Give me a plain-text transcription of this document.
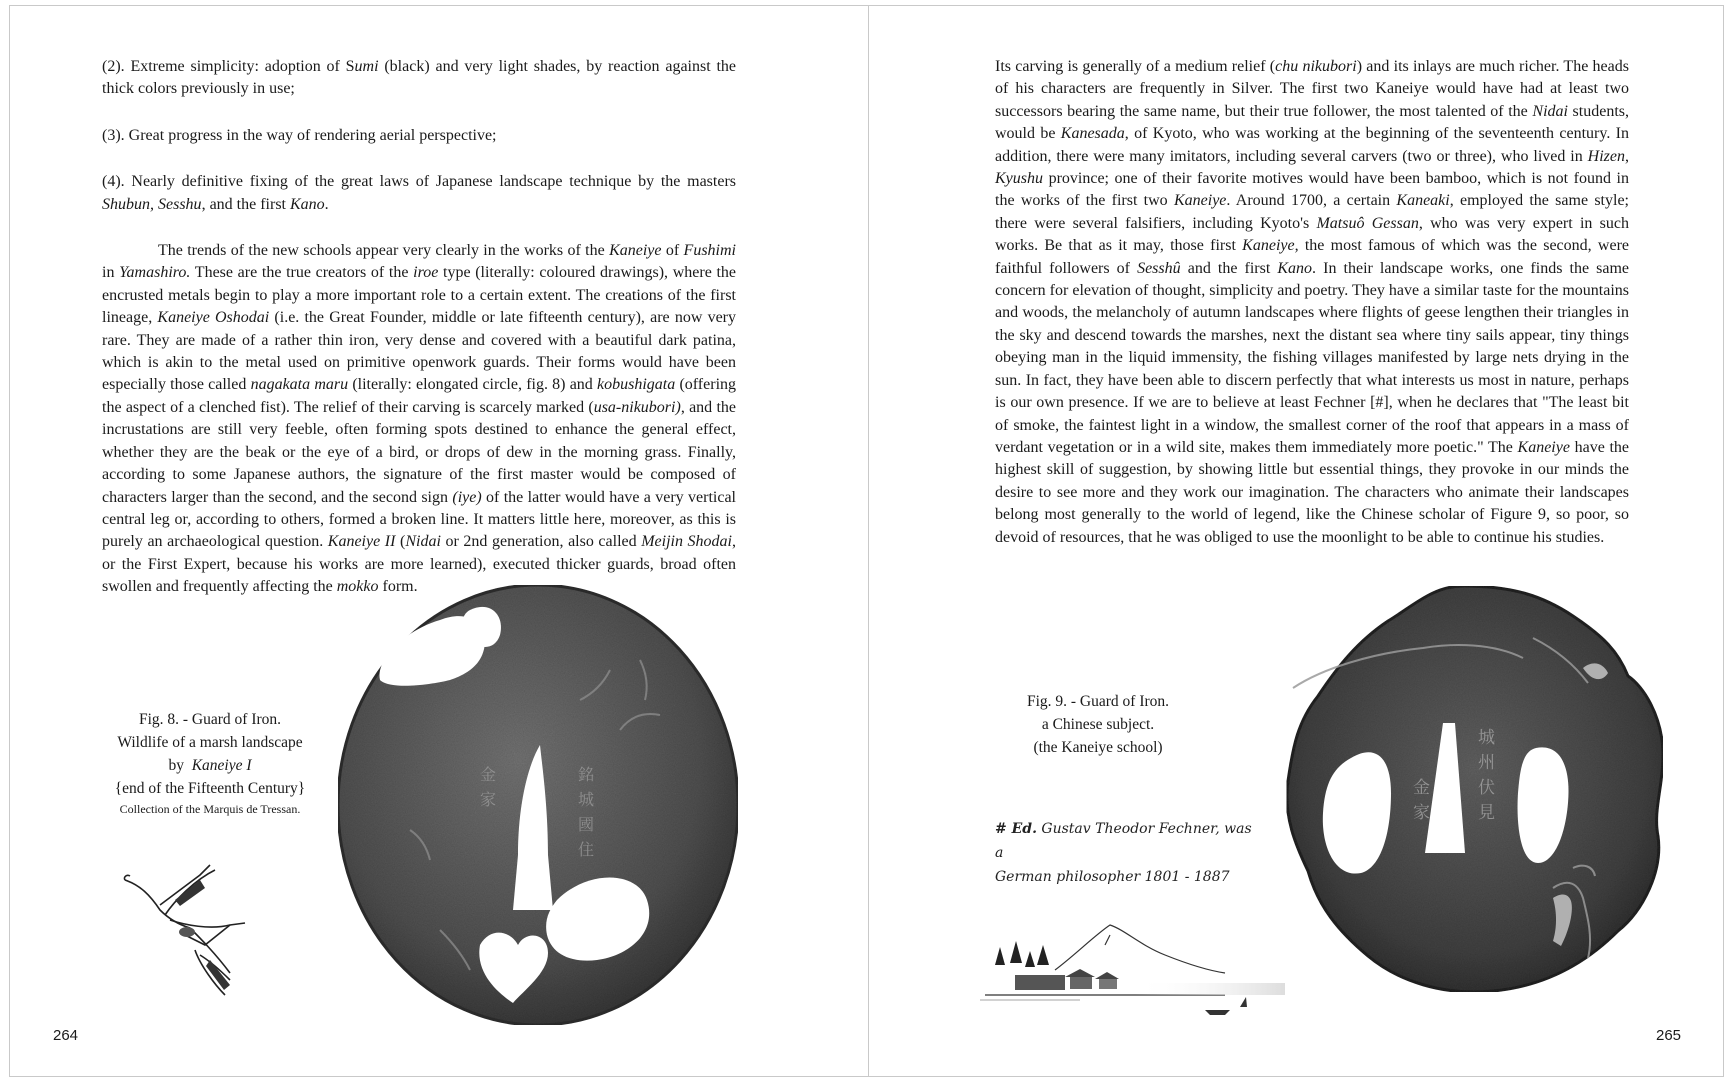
(2). Extreme simplicity: adoption of Sumi (black) and very light shades, by reaction against the thick colors previously in use;

(3). Great progress in the way of rendering aerial perspective;

(4). Nearly definitive fixing of the great laws of Japanese landscape technique by the masters Shubun, Sesshu, and the first Kano.

The trends of the new schools appear very clearly in the works of the Kaneiye of Fushimi in Yamashiro. These are the true creators of the iroe type (literally: coloured drawings), where the encrusted metals begin to play a more important role to a certain extent. The creations of the first lineage, Kaneiye Oshodai (i.e. the Great Founder, middle or late fifteenth century), are now very rare. They are made of a rather thin iron, very dense and covered with a beautiful dark patina, which is akin to the metal used on primitive openwork guards. Their forms would have been especially those called nagakata maru (literally: elongated circle, fig. 8) and kobushigata (offering the aspect of a clenched fist). The relief of their carving is scarcely marked (usa-nikubori), and the incrustations are still very feeble, often forming spots destined to enhance the general effect, whether they are the beak or the eye of a bird, or drops of dew in the morning grass. Finally, according to some Japanese authors, the signature of the first master would be composed of characters larger than the second, and the second sign (iye) of the latter would have a very vertical central leg or, according to others, formed a broken line. It matters little here, moreover, as this is purely an archaeological question. Kaneiye II (Nidai or 2nd generation, also called Meijin Shodai, or the First Expert, because his works are more learned), executed thicker guards, broad often swollen and frequently affecting the mokko form.

銘
城
國
住
金
家
Fig. 8. - Guard of Iron.
Wildlife of a marsh landscape
by  Kaneiye I
{end of the Fifteenth Century}
Collection of the Marquis de Tressan.
264

Its carving is generally of a medium relief (chu nikubori) and its inlays are much richer. The heads of his characters are frequently in Silver. The first two Kaneiye would have had at least two successors bearing the same name, but their true follower, the most talented of the Nidai students, would be Kanesada, of Kyoto, who was working at the beginning of the seventeenth century. In addition, there were many imitators, including several carvers (two or three), who lived in Hizen, Kyushu province; one of their favorite motives would have been bamboo, which is not found in the works of the first two Kaneiye. Around 1700, a certain Kaneaki, employed the same style; there were several falsifiers, including Kyoto's Matsuô Gessan, who was very expert in such works. Be that as it may, those first Kaneiye, the most famous of which was the second, were faithful followers of Sesshû and the first Kano. In their landscape works, one finds the same concern for elevation of thought, simplicity and poetry. They have a similar taste for the mountains and woods, the melancholy of autumn landscapes where flights of geese lengthen their triangles in the sky and descend towards the marshes, next the distant sea where tiny sails appear, tiny things obeying man in the liquid immensity, the fishing villages manifested by large nets drying in the sun. In fact, they have been able to discern perfectly that what interests us most in nature, perhaps is our own presence. If we are to believe at least Fechner [#], when he declares that "The least bit of smoke, the faintest light in a window, the smallest corner of the roof that appears in a mass of verdant vegetation or in a wild site, makes them immediately more poetic." The Kaneiye have the highest skill of suggestion, by showing little but essential things, they provoke in our minds the desire to see more and they work our imagination. The characters who animate their landscapes belong most generally to the world of legend, like the Chinese scholar of Figure 9, so poor, so devoid of resources, that he was obliged to use the moonlight to be able to continue his studies.

城
州
伏
見
金
家
Fig. 9. - Guard of Iron.
a Chinese subject.
(the Kaneiye school)
# Ed. Gustav Theodor Fechner, was a
German philosopher 1801 - 1887
265
